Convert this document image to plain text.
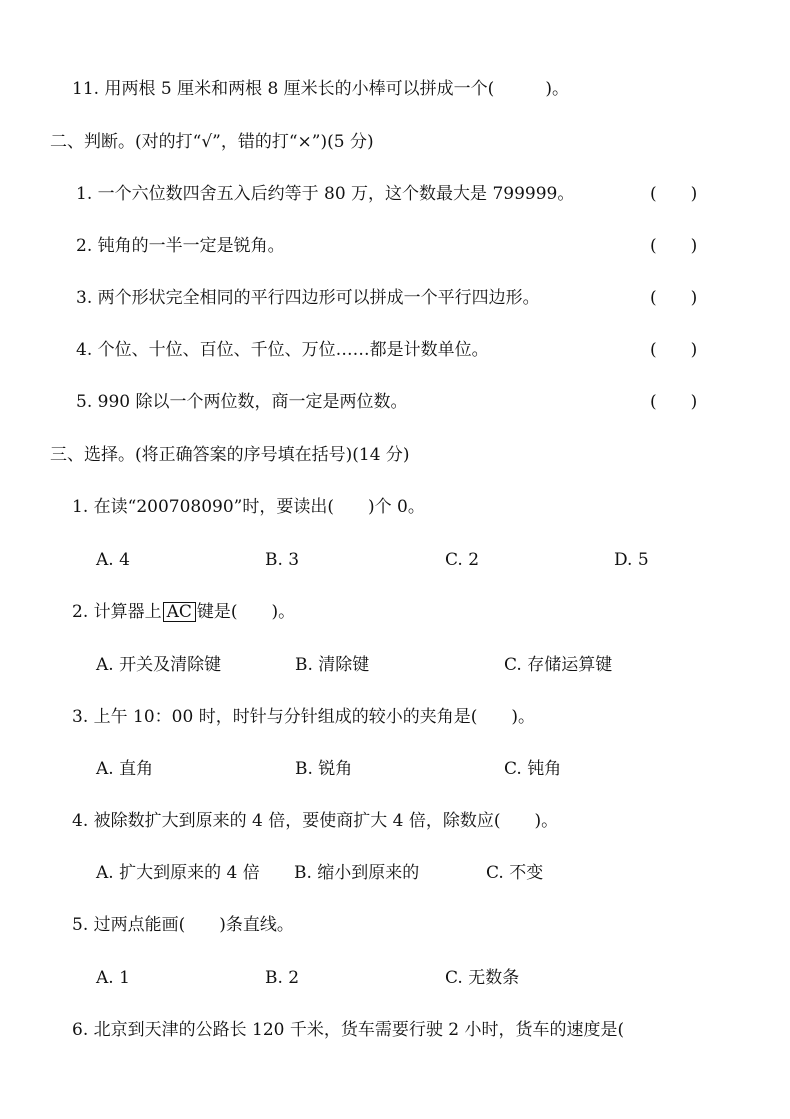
11. 用两根 5 厘米和两根 8 厘米长的小棒可以拼成一个(　　　)。
二、判断。(对的打“√”，错的打“×”)(5 分)
1. 一个六位数四舍五入后约等于 80 万，这个数最大是 799999。	(　　)
2. 钝角的一半一定是锐角。	(　　)
3. 两个形状完全相同的平行四边形可以拼成一个平行四边形。	(　　)
4. 个位、十位、百位、千位、万位……都是计数单位。	(　　)
5. 990 除以一个两位数，商一定是两位数。	(　　)
三、选择。(将正确答案的序号填在括号)(14 分)
1. 在读“200708090”时，要读出(　　)个 0。
A. 4	B. 3	C. 2	D. 5
2. 计算器上 AC 键是(　　)。
A. 开关及清除键	B. 清除键	C. 存储运算键
3. 上午 10：00 时，时针与分针组成的较小的夹角是(　　)。
A. 直角	B. 锐角	C. 钝角
4. 被除数扩大到原来的 4 倍，要使商扩大 4 倍，除数应(　　)。
A. 扩大到原来的 4 倍 B. 缩小到原来的	C. 不变
5. 过两点能画(　　)条直线。
A. 1	B. 2	C. 无数条
6. 北京到天津的公路长 120 千米，货车需要行驶 2 小时，货车的速度是(
